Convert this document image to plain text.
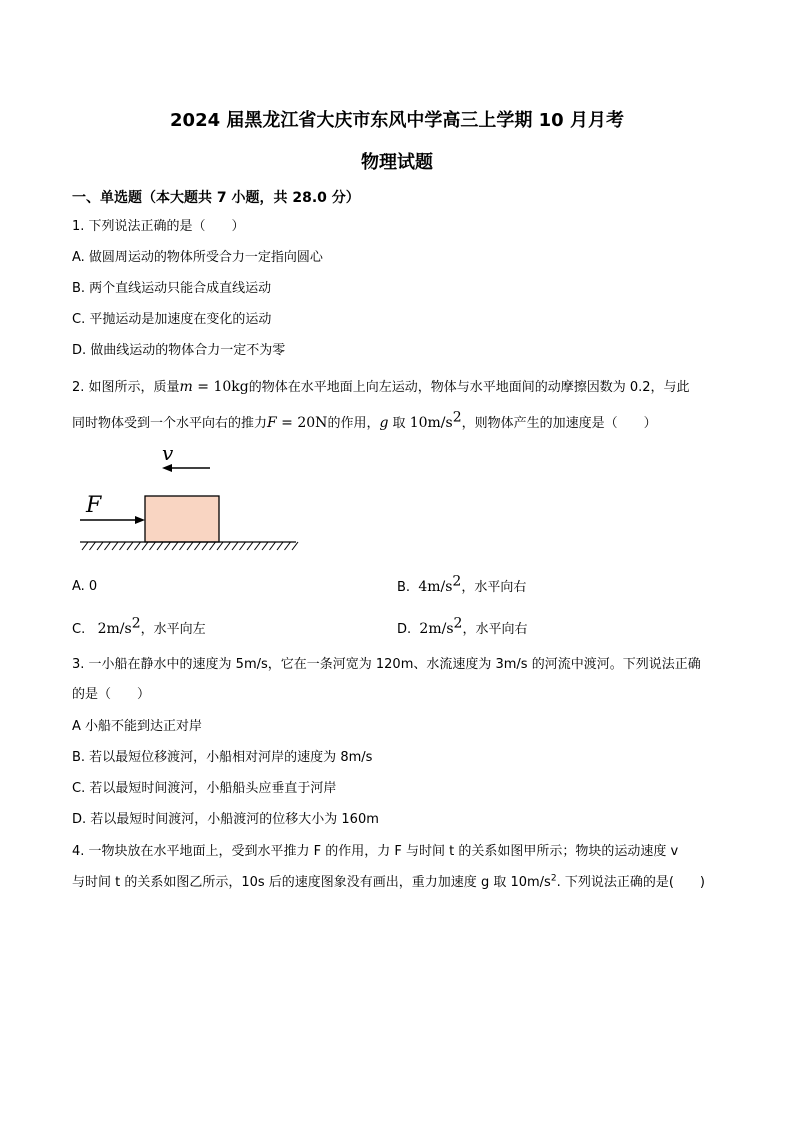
2024 届黑龙江省大庆市东风中学高三上学期 10 月月考
物理试题
一、单选题（本大题共 7 小题，共 28.0 分）
1. 下列说法正确的是（　　）
A. 做圆周运动的物体所受合力一定指向圆心
B. 两个直线运动只能合成直线运动
C. 平抛运动是加速度在变化的运动
D. 做曲线运动的物体合力一定不为零
2. 如图所示，质量m = 10kg的物体在水平地面上向左运动，物体与水平地面间的动摩擦因数为 0.2，与此
同时物体受到一个水平向右的推力F = 20N的作用，g 取 $10m/s^2$，则物体产生的加速度是（　　）
v
F
A. 0	B. $4m/s^2$，水平向右
C. $2m/s^2$，水平向左	D. $2m/s^2$，水平向右
3. 一小船在静水中的速度为 5m/s，它在一条河宽为 120m、水流速度为 3m/s 的河流中渡河。下列说法正确
的是（　　）
A 小船不能到达正对岸
B. 若以最短位移渡河，小船相对河岸的速度为 8m/s
C. 若以最短时间渡河，小船船头应垂直于河岸
D. 若以最短时间渡河，小船渡河的位移大小为 160m
4. 一物块放在水平地面上，受到水平推力 F 的作用，力 F 与时间 t 的关系如图甲所示；物块的运动速度 v
与时间 t 的关系如图乙所示，10s 后的速度图象没有画出，重力加速度 g 取 $10m/s^2$. 下列说法正确的是(　　)
